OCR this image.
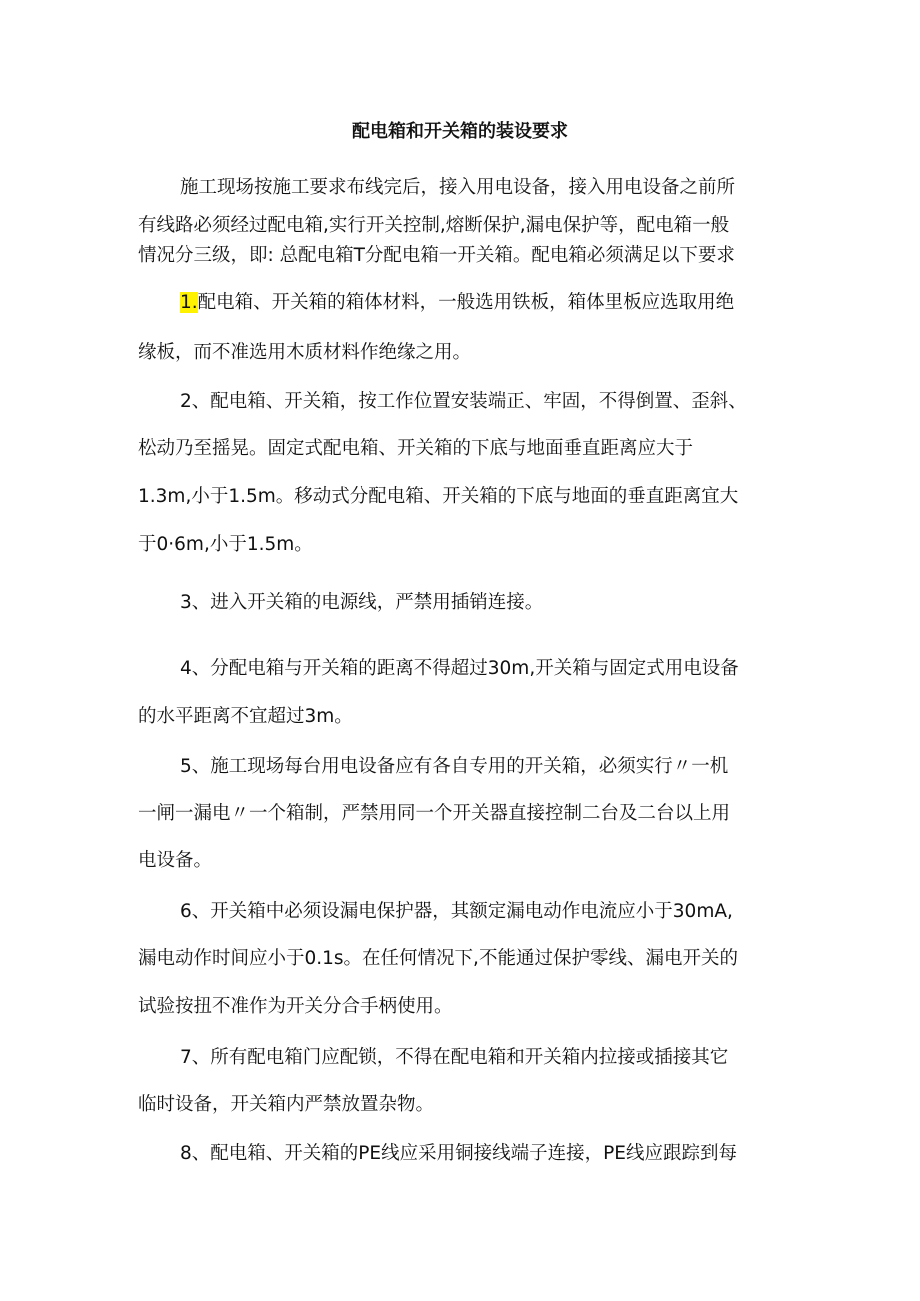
配电箱和开关箱的装设要求
施工现场按施工要求布线完后，接入用电设备，接入用电设备之前所
有线路必须经过配电箱,实行开关控制,熔断保护,漏电保护等，配电箱一般
情况分三级，即: 总配电箱T分配电箱一开关箱。配电箱必须满足以下要求
1.配电箱、开关箱的箱体材料，一般选用铁板，箱体里板应选取用绝
缘板，而不准选用木质材料作绝缘之用。
2、配电箱、开关箱，按工作位置安装端正、牢固，不得倒置、歪斜、
松动乃至摇晃。固定式配电箱、开关箱的下底与地面垂直距离应大于
1.3m,小于1.5m。移动式分配电箱、开关箱的下底与地面的垂直距离宜大
于0·6m,小于1.5m。
3、进入开关箱的电源线，严禁用插销连接。
4、分配电箱与开关箱的距离不得超过30m,开关箱与固定式用电设备
的水平距离不宜超过3m。
5、施工现场每台用电设备应有各自专用的开关箱，必须实行〃一机
一闸一漏电〃一个箱制，严禁用同一个开关器直接控制二台及二台以上用
电设备。
6、开关箱中必须设漏电保护器，其额定漏电动作电流应小于30mA,
漏电动作时间应小于0.1s。在任何情况下,不能通过保护零线、漏电开关的
试验按扭不准作为开关分合手柄使用。
7、所有配电箱门应配锁，不得在配电箱和开关箱内拉接或插接其它
临时设备，开关箱内严禁放置杂物。
8、配电箱、开关箱的PE线应采用铜接线端子连接，PE线应跟踪到每
